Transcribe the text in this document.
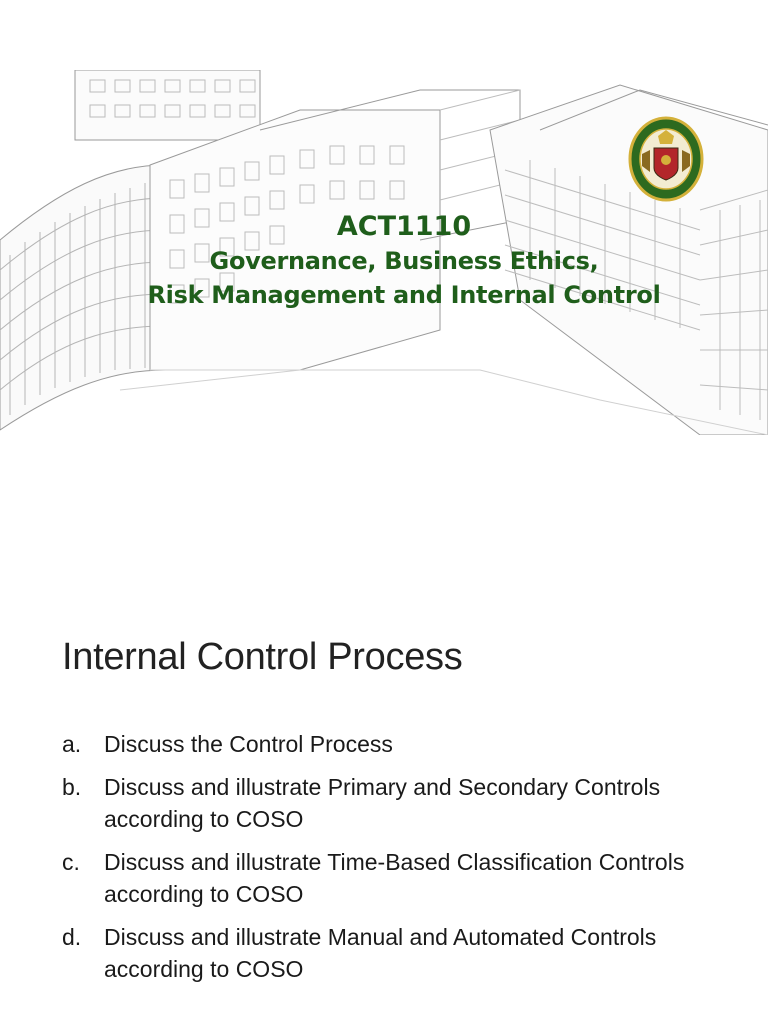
ACT1110
Governance, Business Ethics,
Risk Management and Internal Control
Internal Control Process
a. Discuss the Control Process
b. Discuss and illustrate Primary and Secondary Controls according to COSO
c. Discuss and illustrate Time-Based Classification Controls according to COSO
d. Discuss and illustrate Manual and Automated Controls according to COSO
